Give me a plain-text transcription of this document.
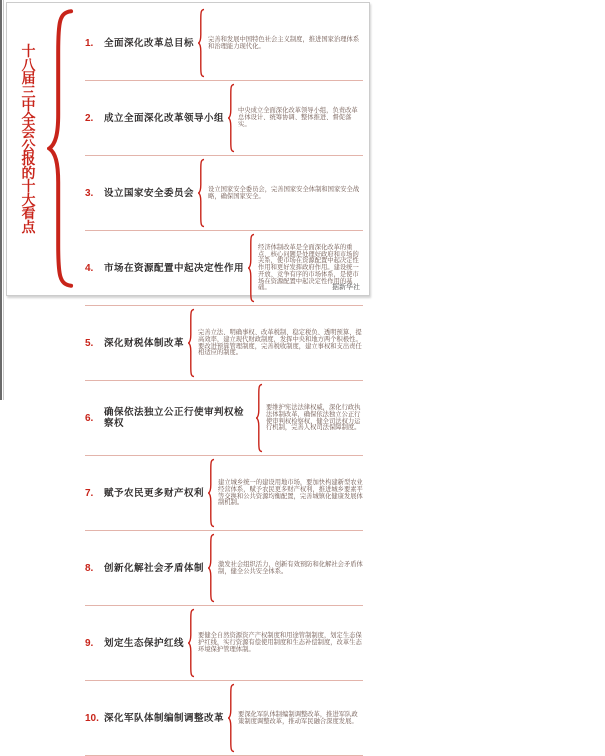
十八届三中全会公报的十大看点
1.	全面深化改革总目标 完善和发展中国特色社会主义制度，推进国家治理体系和治理能力现代化。
2.	成立全面深化改革领导小组
中央成立全面深化改革领导小组，负责改革总体设计、统筹协调、整体推进、督促落实。
3.	设立国家安全委员会 设立国家安全委员会，完善国家安全体制和国家安全战略，确保国家安全。
4.	市场在资源配置中起决定性作用
经济体制改革是全面深化改革的重点，核心问题是处理好政府和市场的关系，使市场在资源配置中起决定性作用和更好发挥政府作用。建设统一开放、竞争有序的市场体系，是使市场在资源配置中起决定性作用的基础。
5.	深化财税体制改革
完善立法、明确事权、改革税制、稳定税负、透明预算、提高效率，建立现代财政制度，发挥中央和地方两个积极性。要改进预算管理制度，完善税收制度，建立事权和支出责任相适应的制度。
6.	确保依法独立公正行使审判权检察权
要维护宪法法律权威，深化行政执法体制改革，确保依法独立公正行使审判权检察权，健全司法权力运行机制，完善人权司法保障制度。
7.	赋予农民更多财产权利
建立城乡统一的建设用地市场，要加快构建新型农业经营体系，赋予农民更多财产权利，推进城乡要素平等交换和公共资源均衡配置，完善城镇化健康发展体制机制。
8.	创新化解社会矛盾体制 激发社会组织活力，创新有效预防和化解社会矛盾体制，健全公共安全体系。
9.	划定生态保护红线
要健全自然资源资产产权制度和用途管制制度，划定生态保护红线，实行资源有偿使用制度和生态补偿制度，改革生态环境保护管理体制。
10. 深化军队体制编制调整改革 要深化军队体制编制调整改革，推进军队政策制度调整改革，推动军民融合深度发展。
据新华社
